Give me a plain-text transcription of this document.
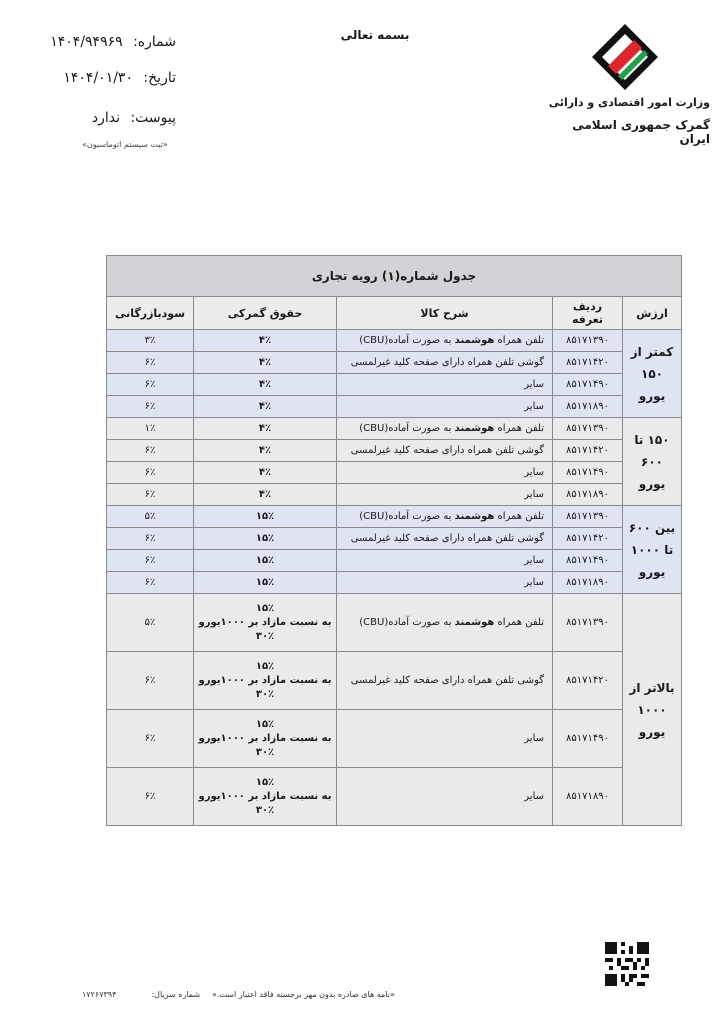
بسمه تعالی
شماره: ۱۴۰۴/۹۴۹۶۹
تاریخ: ۱۴۰۴/۰۱/۳۰
پیوست: ندارد
«ثبت سیستم اتوماسیون»
وزارت امور اقتصادی و دارائی
گمرک جمهوری اسلامی ایران
جدول شماره(۱) رویه تجاری				
ارزش	ردیف تعرفه	شرح کالا	حقوق گمرکی	سودبازرگانی
کمتر از ۱۵۰ یورو	۸۵۱۷۱۳۹۰	تلفن همراه هوشمند به صورت آماده(CBU)	۴٪	۳٪
	۸۵۱۷۱۴۲۰	گوشی تلفن همراه دارای صفحه کلید غیرلمسی	۴٪	۶٪
	۸۵۱۷۱۴۹۰	سایر	۴٪	۶٪
	۸۵۱۷۱۸۹۰	سایر	۴٪	۶٪
۱۵۰ تا ۶۰۰ یورو	۸۵۱۷۱۳۹۰	تلفن همراه هوشمند به صورت آماده(CBU)	۴٪	۱٪
	۸۵۱۷۱۴۲۰	گوشی تلفن همراه دارای صفحه کلید غیرلمسی	۴٪	۶٪
	۸۵۱۷۱۴۹۰	سایر	۴٪	۶٪
	۸۵۱۷۱۸۹۰	سایر	۴٪	۶٪
بین ۶۰۰ تا ۱۰۰۰ یورو	۸۵۱۷۱۳۹۰	تلفن همراه هوشمند به صورت آماده(CBU)	۱۵٪	۵٪
	۸۵۱۷۱۴۲۰	گوشی تلفن همراه دارای صفحه کلید غیرلمسی	۱۵٪	۶٪
	۸۵۱۷۱۴۹۰	سایر	۱۵٪	۶٪
	۸۵۱۷۱۸۹۰	سایر	۱۵٪	۶٪
بالاتر از ۱۰۰۰ یورو	۸۵۱۷۱۳۹۰	تلفن همراه هوشمند به صورت آماده(CBU)	۱۵٪
به نسبت مازاد بر ۱۰۰۰یورو
۳۰٪	۵٪
	۸۵۱۷۱۴۲۰	گوشی تلفن همراه دارای صفحه کلید غیرلمسی	۱۵٪
به نسبت مازاد بر ۱۰۰۰یورو
۳۰٪	۶٪
	۸۵۱۷۱۴۹۰	سایر	۱۵٪
به نسبت مازاد بر ۱۰۰۰یورو
۳۰٪	۶٪
	۸۵۱۷۱۸۹۰	سایر	۱۵٪
به نسبت مازاد بر ۱۰۰۰یورو
۳۰٪	۶٪
«نامه های صادره بدون مهر برجسته فاقد اعتبار است.»
شماره سریال:  ۱۷۲۶۷۳۹۴
